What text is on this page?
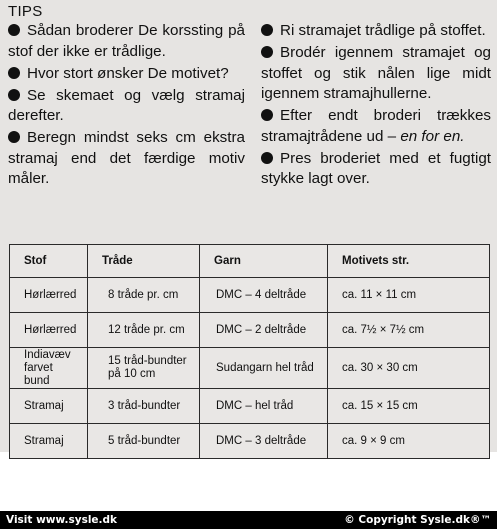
TIPS

Sådan broderer De korssting på stof der ikke er trådlige.

Hvor stort ønsker De motivet?

Se skemaet og vælg stramaj derefter.

Beregn mindst seks cm ekstra stramaj end det færdige motiv måler.

Ri stramajet trådlige på stoffet.

Brodér igennem stramajet og stoffet og stik nålen lige midt igennem stramajhullerne.

Efter endt broderi trækkes stramajtrådene ud – en for en.

Pres broderiet med et fugtigt stykke lagt over.

Stof	Tråde	Garn	Motivets str.
Hørlærred	8 tråde pr. cm	DMC – 4 deltråde	ca. 11 × 11 cm
Hørlærred	12 tråde pr. cm	DMC – 2 deltråde	ca. 7½ × 7½ cm
Indiavæv farvet bund	15 tråd-bundter på 10 cm	Sudangarn hel tråd	ca. 30 × 30 cm
Stramaj	3 tråd-bundter	DMC – hel tråd	ca. 15 × 15 cm
Stramaj	5 tråd-bundter	DMC – 3 deltråde	ca. 9 × 9 cm
Visit www.sysle.dk	© Copyright Sysle.dk®™
